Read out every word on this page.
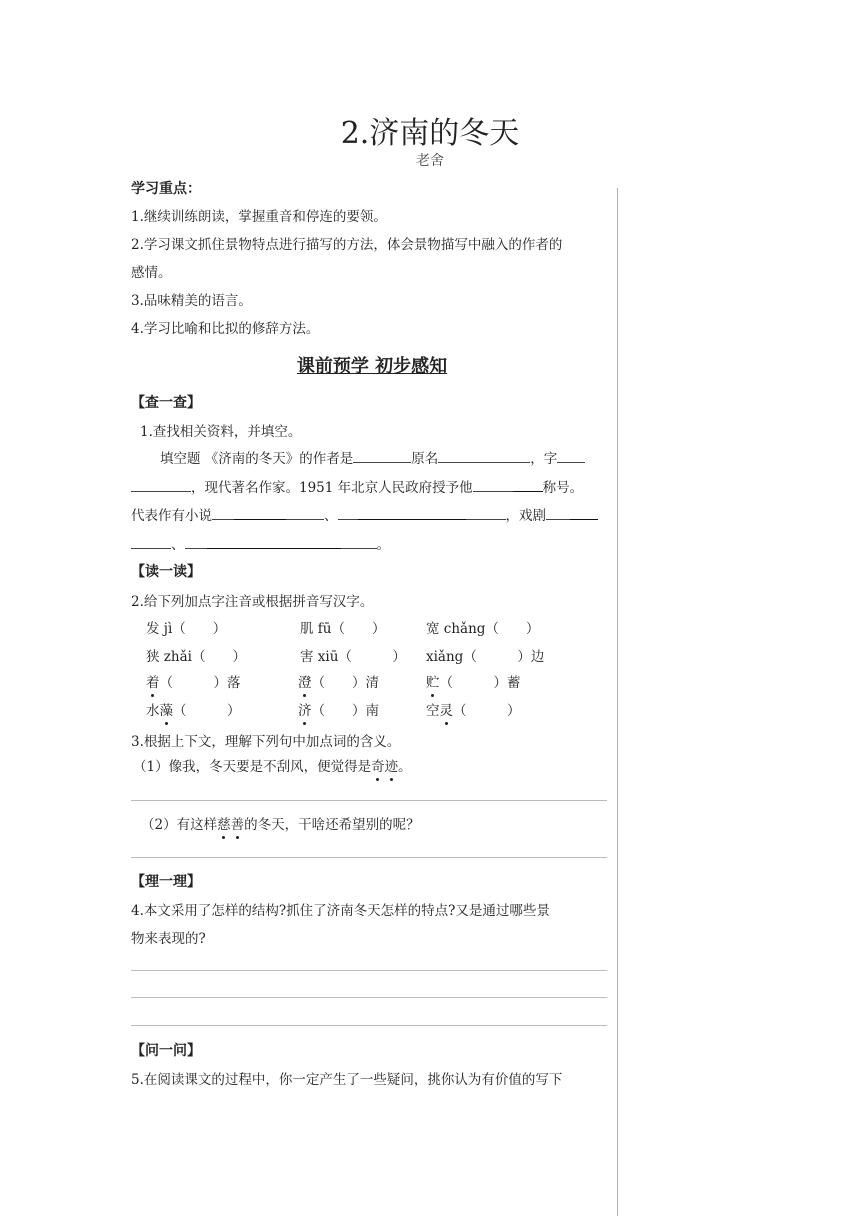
2.济南的冬天
老舍
学习重点：
1.继续训练朗读，掌握重音和停连的要领。
2.学习课文抓住景物特点进行描写的方法，体会景物描写中融入的作者的
感情。
3.品味精美的语言。
4.学习比喻和比拟的修辞方法。
课前预学 初步感知
【查一查】
1.查找相关资料，并填空。
填空题 《济南的冬天》的作者是	原名	，字
，现代著名作家。1951 年北京人民政府授予他	称号。
代表作有小说	、	，戏剧
、	。
【读一读】
2.给下列加点字注音或根据拼音写汉字。
发 jì（　　）	肌 fū（　　）	宽 chǎng（　　）
狭 zhǎi（　　）	害 xiū（　　　） xiǎng（　　　）边
着（　　　）落	澄（　　）清	贮（　　　）蓄
水藻（　　　）	济（　　）南	空灵（　　　）
3.根据上下文，理解下列句中加点词的含义。
（1）像我，冬天要是不刮风，便觉得是奇迹。
（2）有这样慈善的冬天，干啥还希望别的呢？
【理一理】
4.本文采用了怎样的结构?抓住了济南冬天怎样的特点?又是通过哪些景
物来表现的?
【问一问】
5.在阅读课文的过程中，你一定产生了一些疑问，挑你认为有价值的写下
